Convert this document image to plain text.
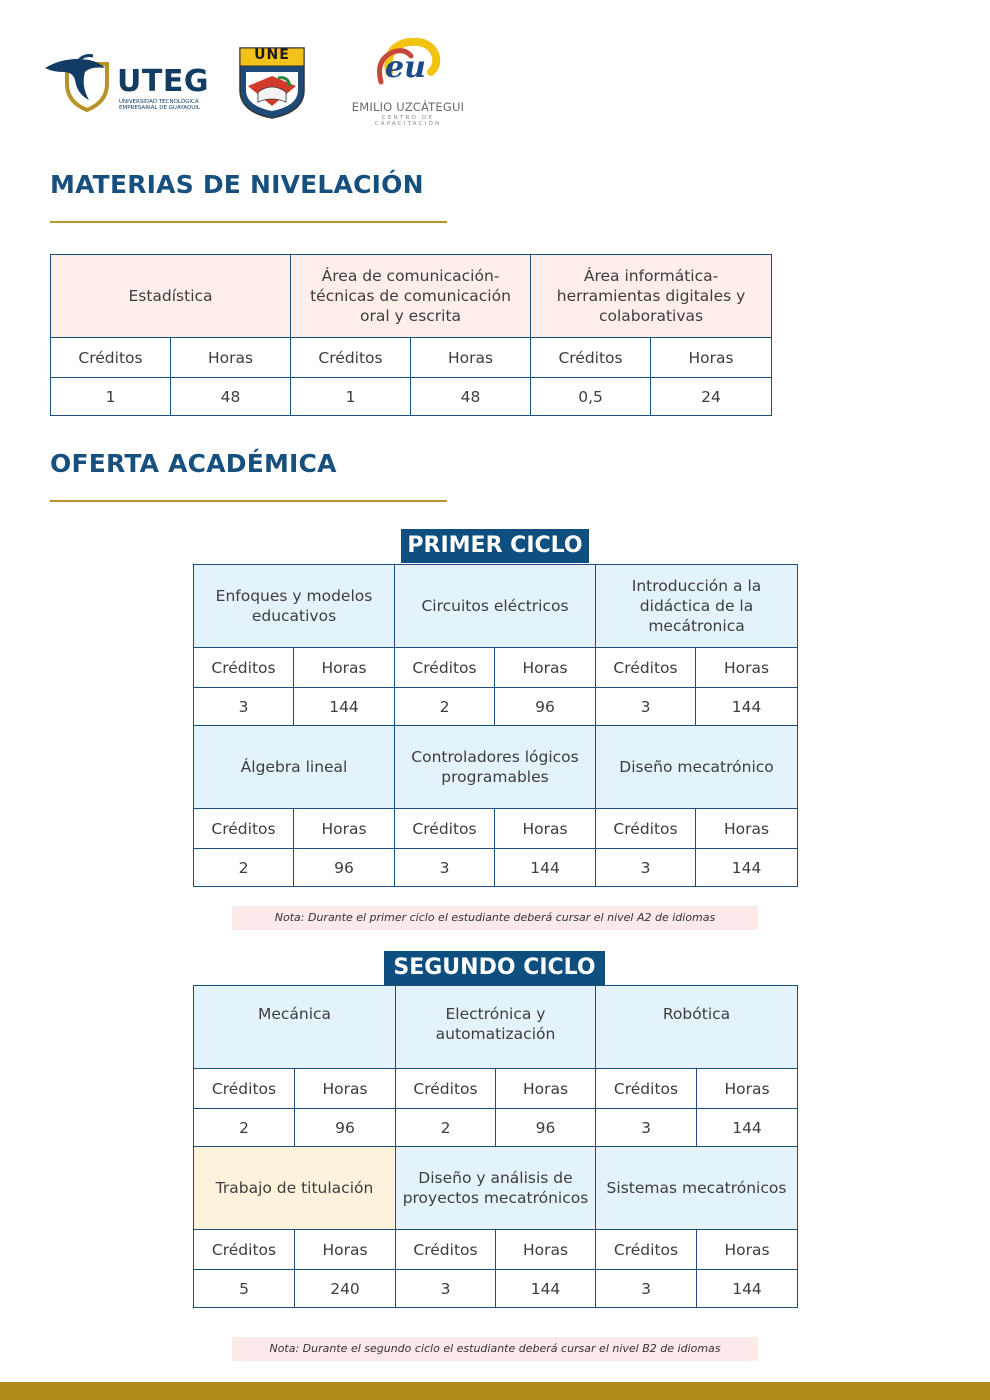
UTEG
UNIVERSIDAD TECNOLÓGICA EMPRESARIAL DE GUAYAQUIL
UNE	eu
EMILIO UZCÁTEGUI
CENTRO DE CAPACITACIÓN
MATERIAS DE NIVELACIÓN
Estadística		Área de comunicación-técnicas de comunicación oral y escrita		Área informática-herramientas digitales y colaborativas	
Créditos	Horas	Créditos	Horas	Créditos	Horas
1	48	1	48	0,5	24
OFERTA ACADÉMICA
PRIMER CICLO
Enfoques y modelos educativos		Circuitos eléctricos		Introducción a la didáctica de la mecátronica	
Créditos	Horas	Créditos	Horas	Créditos	Horas
3	144	2	96	3	144
Álgebra lineal		Controladores lógicos programables		Diseño mecatrónico	
Créditos	Horas	Créditos	Horas	Créditos	Horas
2	96	3	144	3	144
Nota: Durante el primer ciclo el estudiante deberá cursar el nivel A2 de idiomas
SEGUNDO CICLO
Mecánica		Electrónica y automatización		Robótica	
Créditos	Horas	Créditos	Horas	Créditos	Horas
2	96	2	96	3	144
Trabajo de titulación		Diseño y análisis de proyectos mecatrónicos		Sistemas mecatrónicos	
Créditos	Horas	Créditos	Horas	Créditos	Horas
5	240	3	144	3	144
Nota: Durante el segundo ciclo el estudiante deberá cursar el nivel B2 de idiomas
